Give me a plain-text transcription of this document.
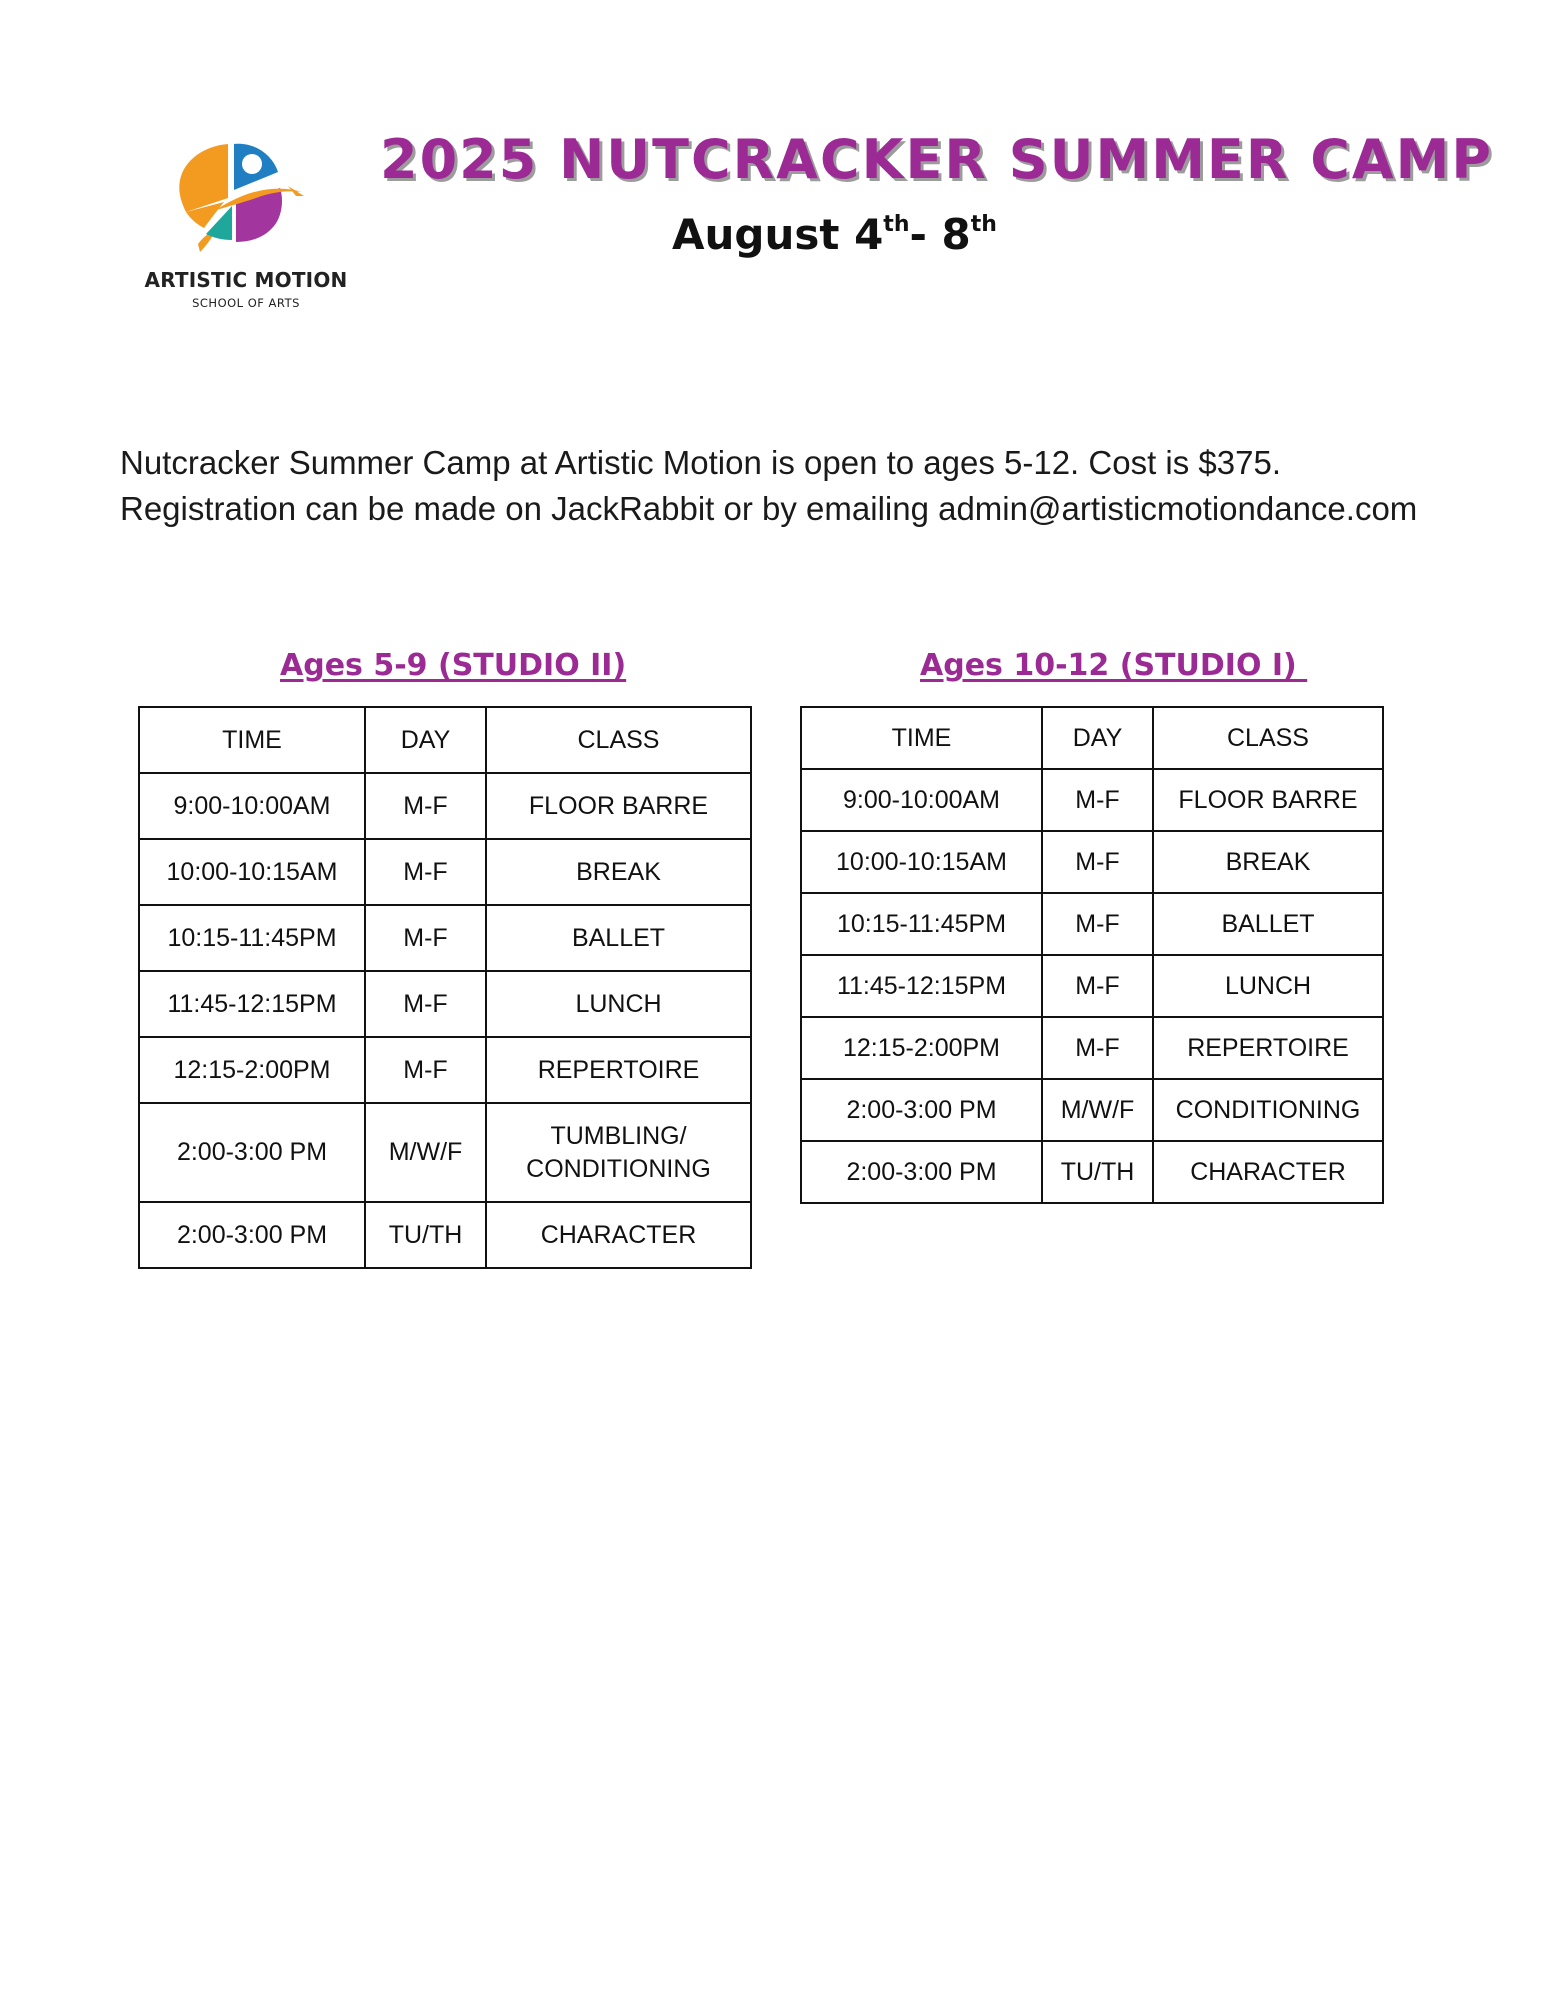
ARTISTIC MOTION
SCHOOL OF ARTS
2025 NUTCRACKER SUMMER CAMP
August 4th- 8th

Nutcracker Summer Camp at Artistic Motion is open to ages 5-12. Cost is $375.

Registration can be made on JackRabbit or by emailing admin@artisticmotiondance.com

Ages 5-9 (STUDIO II)
TIME	DAY	CLASS
9:00-10:00AM	M-F	FLOOR BARRE
10:00-10:15AM	M-F	BREAK
10:15-11:45PM	M-F	BALLET
11:45-12:15PM	M-F	LUNCH
12:15-2:00PM	M-F	REPERTOIRE
2:00-3:00 PM	M/W/F	TUMBLING/
CONDITIONING

2:00-3:00 PM	TU/TH	CHARACTER
Ages 10-12 (STUDIO I)
TIME	DAY	CLASS
9:00-10:00AM	M-F	FLOOR BARRE
10:00-10:15AM	M-F	BREAK
10:15-11:45PM	M-F	BALLET
11:45-12:15PM	M-F	LUNCH
12:15-2:00PM	M-F	REPERTOIRE
2:00-3:00 PM	M/W/F	CONDITIONING
2:00-3:00 PM	TU/TH	CHARACTER
